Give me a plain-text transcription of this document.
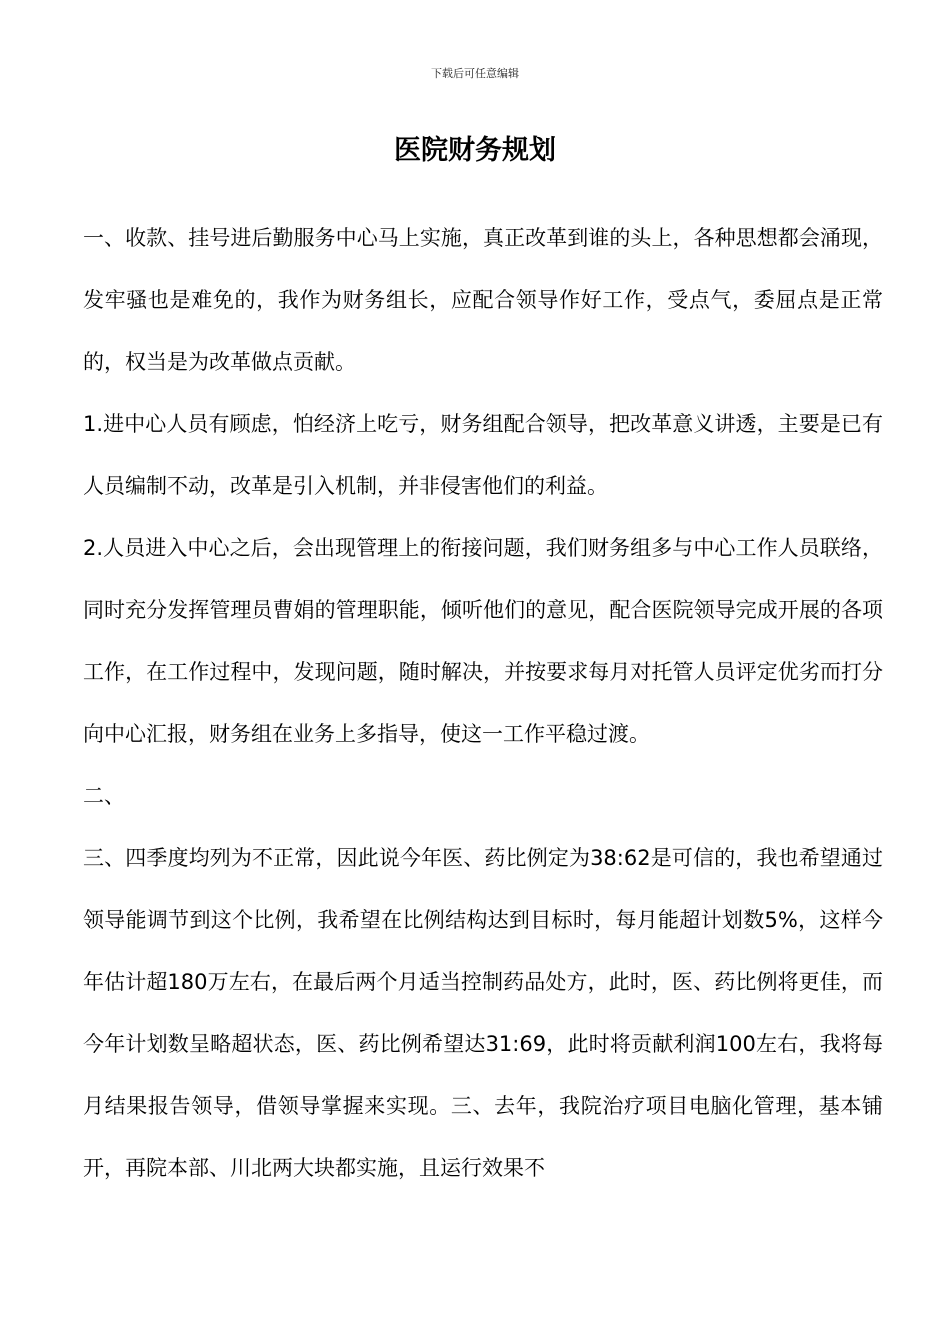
下载后可任意编辑
医院财务规划

一、收款、挂号进后勤服务中心马上实施，真正改革到谁的头上，各种思想都会涌现，发牢骚也是难免的，我作为财务组长，应配合领导作好工作，受点气，委屈点是正常的，权当是为改革做点贡献。

1.进中心人员有顾虑，怕经济上吃亏，财务组配合领导，把改革意义讲透，主要是已有人员编制不动，改革是引入机制，并非侵害他们的利益。

2.人员进入中心之后，会出现管理上的衔接问题，我们财务组多与中心工作人员联络，同时充分发挥管理员曹娟的管理职能，倾听他们的意见，配合医院领导完成开展的各项工作，在工作过程中，发现问题，随时解决，并按要求每月对托管人员评定优劣而打分向中心汇报，财务组在业务上多指导，使这一工作平稳过渡。

二、

三、四季度均列为不正常，因此说今年医、药比例定为38:62是可信的，我也希望通过领导能调节到这个比例，我希望在比例结构达到目标时，每月能超计划数5%，这样今年估计超180万左右，在最后两个月适当控制药品处方，此时，医、药比例将更佳，而今年计划数呈略超状态，医、药比例希望达31:69，此时将贡献利润100左右，我将每月结果报告领导，借领导掌握来实现。三、去年，我院治疗项目电脑化管理，基本铺开，再院本部、川北两大块都实施，且运行效果不
